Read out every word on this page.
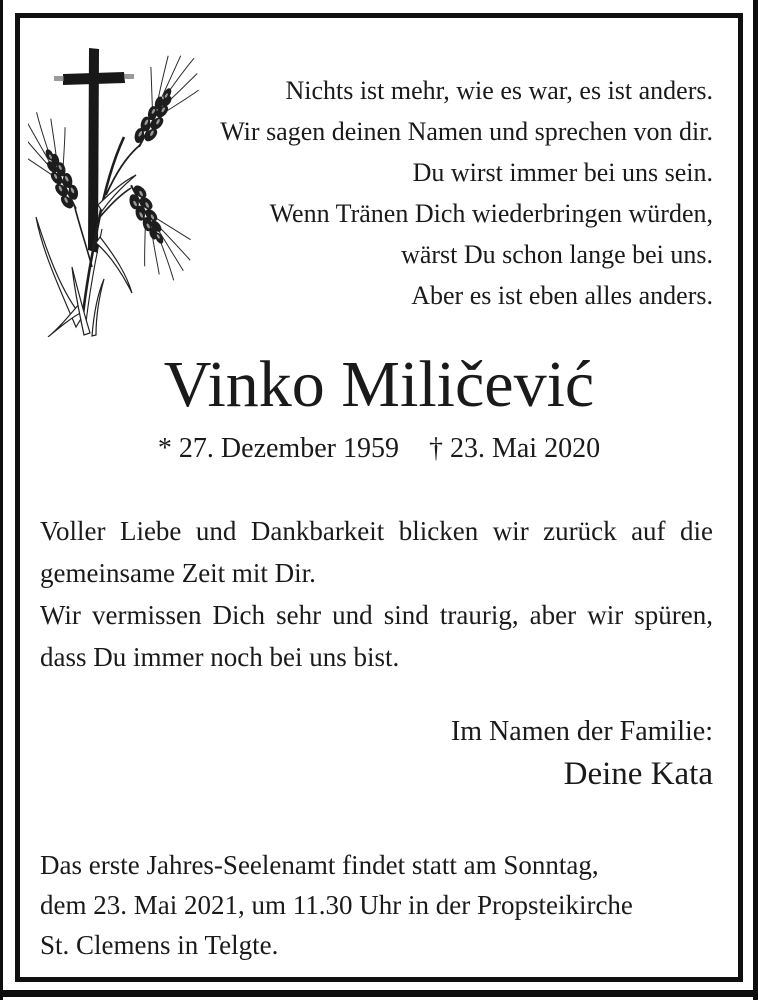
Nichts ist mehr, wie es war, es ist anders.
Wir sagen deinen Namen und sprechen von dir.
Du wirst immer bei uns sein.
Wenn Tränen Dich wiederbringen würden,
wärst Du schon lange bei uns.
Aber es ist eben alles anders.
Vinko Miličević
* 27. Dezember 1959 † 23. Mai 2020
Voller Liebe und Dankbarkeit blicken wir zurück auf die
gemeinsame Zeit mit Dir.
Wir vermissen Dich sehr und sind traurig, aber wir spüren,
dass Du immer noch bei uns bist.
Im Namen der Familie:
Deine Kata
Das erste Jahres-Seelenamt findet statt am Sonntag,
dem 23. Mai 2021, um 11.30 Uhr in der Propsteikirche
St. Clemens in Telgte.
